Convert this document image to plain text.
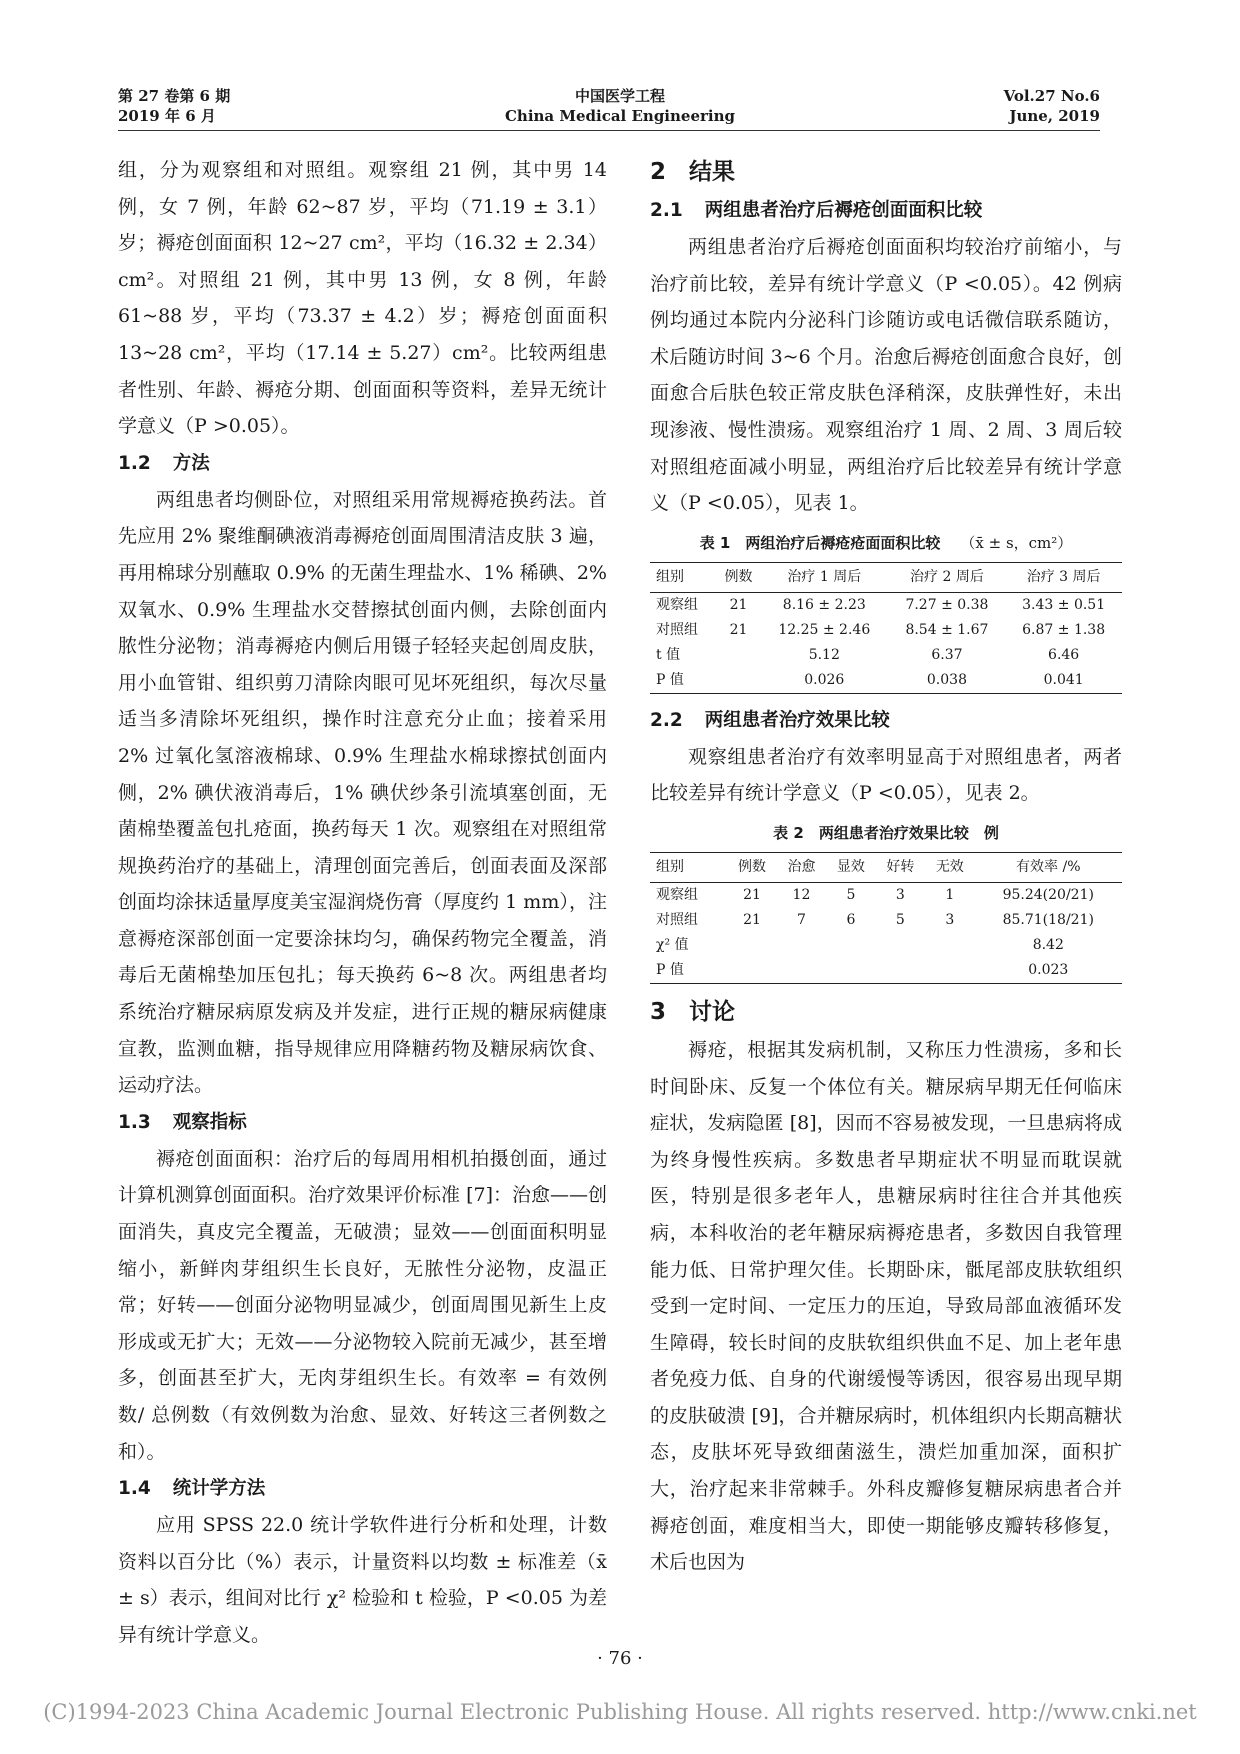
第 27 卷第 6 期
2019 年 6 月
中国医学工程
China Medical Engineering
Vol.27 No.6
June, 2019

组，分为观察组和对照组。观察组 21 例，其中男 14 例，女 7 例，年龄 62~87 岁，平均（71.19 ± 3.1）岁；褥疮创面面积 12~27 cm²，平均（16.32 ± 2.34）cm²。对照组 21 例，其中男 13 例，女 8 例，年龄 61~88 岁，平均（73.37 ± 4.2）岁；褥疮创面面积 13~28 cm²，平均（17.14 ± 5.27）cm²。比较两组患者性别、年龄、褥疮分期、创面面积等资料，差异无统计学意义（P >0.05）。

1.2 方法

两组患者均侧卧位，对照组采用常规褥疮换药法。首先应用 2% 聚维酮碘液消毒褥疮创面周围清洁皮肤 3 遍，再用棉球分别蘸取 0.9% 的无菌生理盐水、1% 稀碘、2% 双氧水、0.9% 生理盐水交替擦拭创面内侧，去除创面内脓性分泌物；消毒褥疮内侧后用镊子轻轻夹起创周皮肤，用小血管钳、组织剪刀清除肉眼可见坏死组织，每次尽量适当多清除坏死组织，操作时注意充分止血；接着采用 2% 过氧化氢溶液棉球、0.9% 生理盐水棉球擦拭创面内侧，2% 碘伏液消毒后，1% 碘伏纱条引流填塞创面，无菌棉垫覆盖包扎疮面，换药每天 1 次。观察组在对照组常规换药治疗的基础上，清理创面完善后，创面表面及深部创面均涂抹适量厚度美宝湿润烧伤膏（厚度约 1 mm），注意褥疮深部创面一定要涂抹均匀，确保药物完全覆盖，消毒后无菌棉垫加压包扎；每天换药 6~8 次。两组患者均系统治疗糖尿病原发病及并发症，进行正规的糖尿病健康宣教，监测血糖，指导规律应用降糖药物及糖尿病饮食、运动疗法。

1.3 观察指标

褥疮创面面积：治疗后的每周用相机拍摄创面，通过计算机测算创面面积。治疗效果评价标准 [7]：治愈——创面消失，真皮完全覆盖，无破溃；显效——创面面积明显缩小，新鲜肉芽组织生长良好，无脓性分泌物，皮温正常；好转——创面分泌物明显减少，创面周围见新生上皮形成或无扩大；无效——分泌物较入院前无减少，甚至增多，创面甚至扩大，无肉芽组织生长。有效率 = 有效例数/ 总例数（有效例数为治愈、显效、好转这三者例数之和）。

1.4 统计学方法

应用 SPSS 22.0 统计学软件进行分析和处理，计数资料以百分比（%）表示，计量资料以均数 ± 标准差（x̄ ± s）表示，组间对比行 χ² 检验和 t 检验，P <0.05 为差异有统计学意义。

2　 结果
2.1 两组患者治疗后褥疮创面面积比较

两组患者治疗后褥疮创面面积均较治疗前缩小，与治疗前比较，差异有统计学意义（P <0.05）。42 例病例均通过本院内分泌科门诊随访或电话微信联系随访，术后随访时间 3~6 个月。治愈后褥疮创面愈合良好，创面愈合后肤色较正常皮肤色泽稍深，皮肤弹性好，未出现渗液、慢性溃疡。观察组治疗 1 周、2 周、3 周后较对照组疮面减小明显，两组治疗后比较差异有统计学意义（P <0.05），见表 1。

表 1　两组治疗后褥疮疮面面积比较 （x̄ ± s，cm²）
组别	例数	治疗 1 周后	治疗 2 周后	治疗 3 周后
观察组	21	8.16 ± 2.23	7.27 ± 0.38	3.43 ± 0.51
对照组	21	12.25 ± 2.46	8.54 ± 1.67	6.87 ± 1.38
t 值		5.12	6.37	6.46
P 值		0.026	0.038	0.041
2.2 两组患者治疗效果比较

观察组患者治疗有效率明显高于对照组患者，两者比较差异有统计学意义（P <0.05），见表 2。

表 2　两组患者治疗效果比较　例
组别	例数	治愈	显效	好转	无效	有效率 /%
观察组	21	12	5	3	1	95.24(20/21)
对照组	21	7	6	5	3	85.71(18/21)
χ² 值						8.42
P 值						0.023
3　 讨论

褥疮，根据其发病机制，又称压力性溃疡，多和长时间卧床、反复一个体位有关。糖尿病早期无任何临床症状，发病隐匿 [8]，因而不容易被发现，一旦患病将成为终身慢性疾病。多数患者早期症状不明显而耽误就医，特别是很多老年人，患糖尿病时往往合并其他疾病，本科收治的老年糖尿病褥疮患者，多数因自我管理能力低、日常护理欠佳。长期卧床，骶尾部皮肤软组织受到一定时间、一定压力的压迫，导致局部血液循环发生障碍，较长时间的皮肤软组织供血不足、加上老年患者免疫力低、自身的代谢缓慢等诱因，很容易出现早期的皮肤破溃 [9]，合并糖尿病时，机体组织内长期高糖状态，皮肤坏死导致细菌滋生，溃烂加重加深，面积扩大，治疗起来非常棘手。外科皮瓣修复糖尿病患者合并褥疮创面，难度相当大，即使一期能够皮瓣转移修复，术后也因为

· 76 ·
(C)1994-2023 China Academic Journal Electronic Publishing House. All rights reserved. http://www.cnki.net
